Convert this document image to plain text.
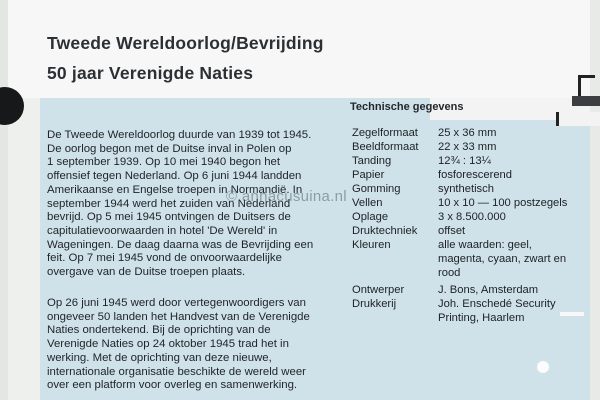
Tweede Wereldoorlog/Bevrijding
50 jaar Verenigde Naties

De Tweede Wereldoorlog duurde van 1939 tot 1945.
De oorlog begon met de Duitse inval in Polen op
1 september 1939. Op 10 mei 1940 begon het
offensief tegen Nederland. Op 6 juni 1944 landden
Amerikaanse en Engelse troepen in Normandië. In
september 1944 werd het zuiden van Nederland
bevrijd. Op 5 mei 1945 ontvingen de Duitsers de
capitulatievoorwaarden in hotel 'De Wereld' in
Wageningen. De daag daarna was de Bevrijding een
feit. Op 7 mei 1945 vond de onvoorwaardelijke
overgave van de Duitse troepen plaats.

Op 26 juni 1945 werd door vertegenwoordigers van
ongeveer 50 landen het Handvest van de Verenigde
Naties ondertekend. Bij de oprichting van de
Verenigde Naties op 24 oktober 1945 trad het in
werking. Met de oprichting van deze nieuwe,
internationale organisatie beschikte de wereld weer
over een platform voor overleg en samenwerking.

Technische gegevens
Zegelformaat 25 x 36 mm
Beeldformaat 22 x 33 mm
Tanding	12¾ : 13¼
Papier	fosforescerend
Gomming	synthetisch
Vellen	10 x 10 — 100 postzegels
Oplage	3 x 8.500.000
Druktechniek offset
Kleuren	alle waarden: geel,
magenta, cyaan, zwart en
rood
Ontwerper	J. Bons, Amsterdam
Drukkerij	Joh. Enschedé Security
Printing, Haarlem
© annacusuina.nl
